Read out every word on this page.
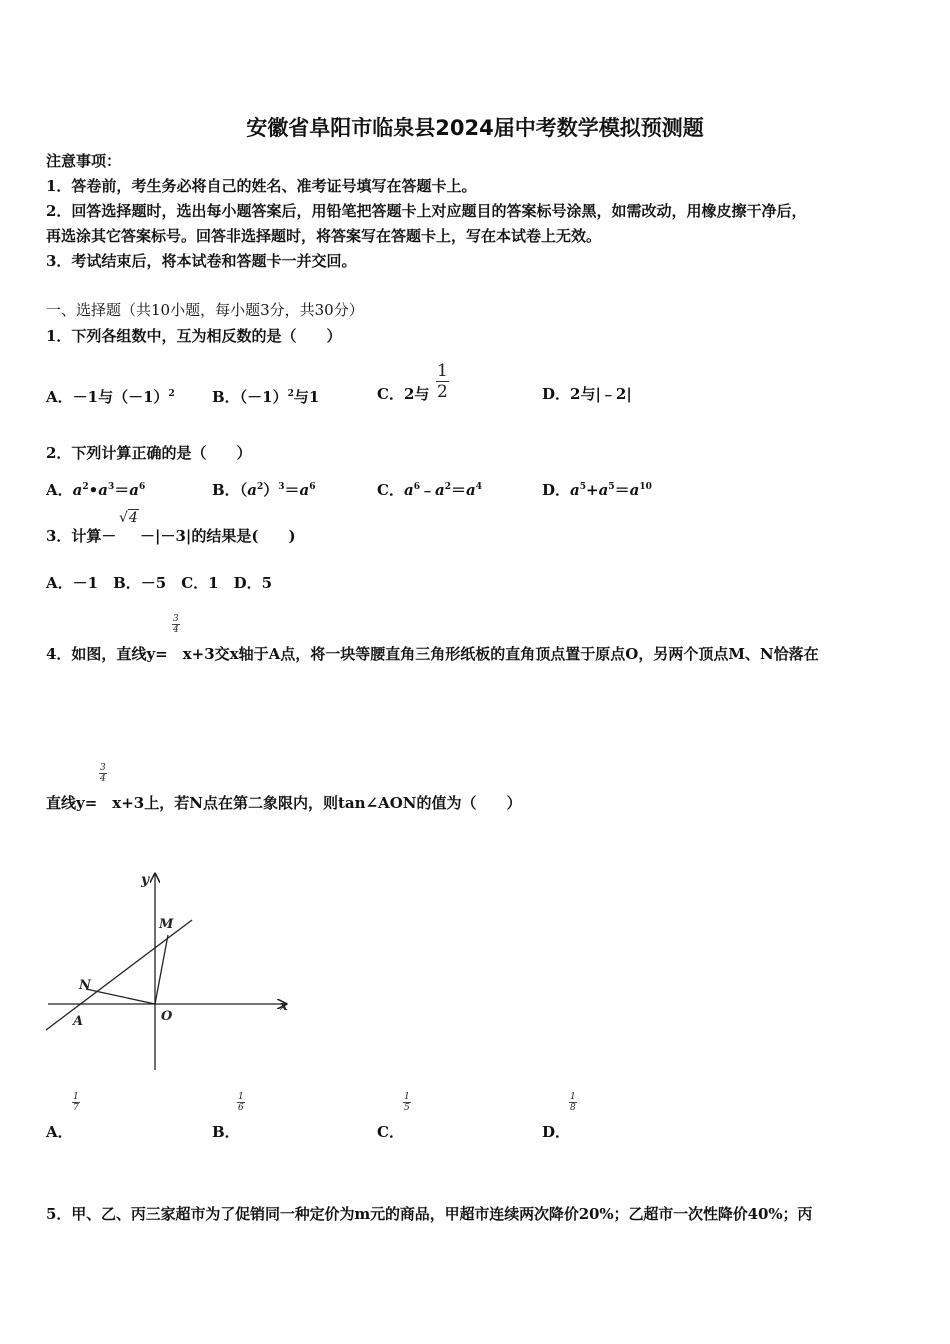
安徽省阜阳市临泉县2024届中考数学模拟预测题
注意事项：
1．答卷前，考生务必将自己的姓名、准考证号填写在答题卡上。
2．回答选择题时，选出每小题答案后，用铅笔把答题卡上对应题目的答案标号涂黑，如需改动，用橡皮擦干净后，
再选涂其它答案标号。回答非选择题时，将答案写在答题卡上，写在本试卷上无效。
3．考试结束后，将本试卷和答题卡一并交回。
一、选择题（共10小题，每小题3分，共30分）
1．下列各组数中，互为相反数的是（　　）
A．－1与$(-1)^2$ B．$(-1)^2$与1	C．2与
1
2	D．2与|﹣2|
2．下列计算正确的是（　　）
A．$a^2•a^3=a^6$	B．$(a^2)^3=a^6$	C．$a^6﹣a^2=a^4$	D．$a^5+a^5=a^{10}$
3．计算－
√4
－|－3|的结果是(　　)
A．－1　B．－5　C．1　D．5
$\frac{3}{4}$
4．如图，直线y=　x+3交x轴于A点，将一块等腰直角三角形纸板的直角顶点置于原点O，另两个顶点M、N恰落在
$\frac{3}{4}$
直线y=　x+3上，若N点在第二象限内，则tan∠AON的值为（　　）
y
x
M
N
A	O
$\frac{1}{7}$
A．
$\frac{1}{6}$
B．
$\frac{1}{5}$
C．
$\frac{1}{8}$
D．
5．甲、乙、丙三家超市为了促销同一种定价为m元的商品，甲超市连续两次降价20%；乙超市一次性降价40%；丙
